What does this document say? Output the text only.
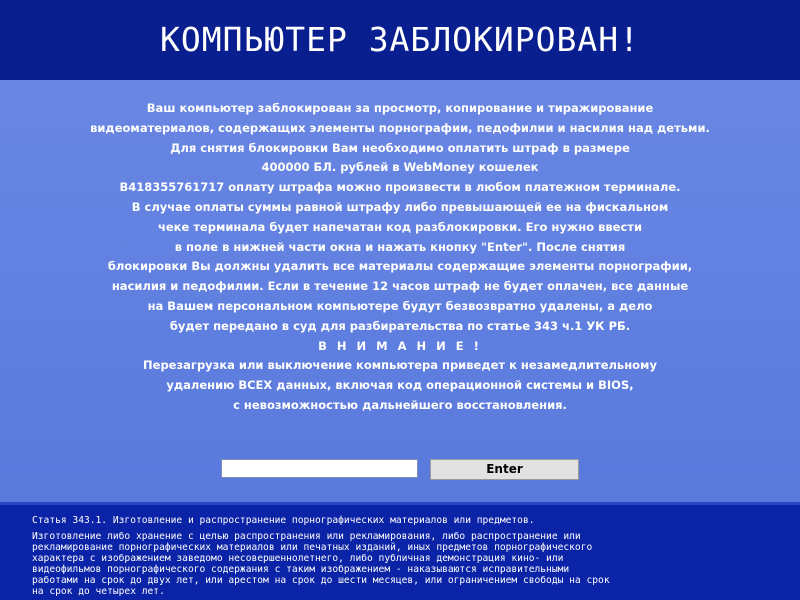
КОМПЬЮТЕР ЗАБЛОКИРОВАН!
Ваш компьютер заблокирован за просмотр, копирование и тиражирование
видеоматериалов, содержащих элементы порнографии, педофилии и насилия над детьми.
Для снятия блокировки Вам необходимо оплатить штраф в размере
400000 БЛ. рублей в WebMoney кошелек
B418355761717 оплату штрафа можно произвести в любом платежном терминале.
В случае оплаты суммы равной штрафу либо превышающей ее на фискальном
чеке терминала будет напечатан код разблокировки. Его нужно ввести
в поле в нижней части окна и нажать кнопку "Enter". После снятия
блокировки Вы должны удалить все материалы содержащие элементы порнографии,
насилия и педофилии. Если в течение 12 часов штраф не будет оплачен, все данные
на Вашем персональном компьютере будут безвозвратно удалены, а дело
будет передано в суд для разбирательства по статье 343 ч.1 УК РБ.
В Н И М А Н И Е !
Перезагрузка или выключение компьютера приведет к незамедлительному
удалению ВСЕХ данных, включая код операционной системы и BIOS,
с невозможностью дальнейшего восстановления.
Enter
Статья 343.1. Изготовление и распространение порнографических материалов или предметов.
Изготовление либо хранение с целью распространения или рекламирования, либо распространение или
рекламирование порнографических материалов или печатных изданий, иных предметов порнографического
характера с изображением заведомо несовершеннолетнего, либо публичная демонстрация кино- или
видеофильмов порнографического содержания с таким изображением - наказываются исправительными
работами на срок до двух лет, или арестом на срок до шести месяцев, или ограничением свободы на срок
на срок до четырех лет.
